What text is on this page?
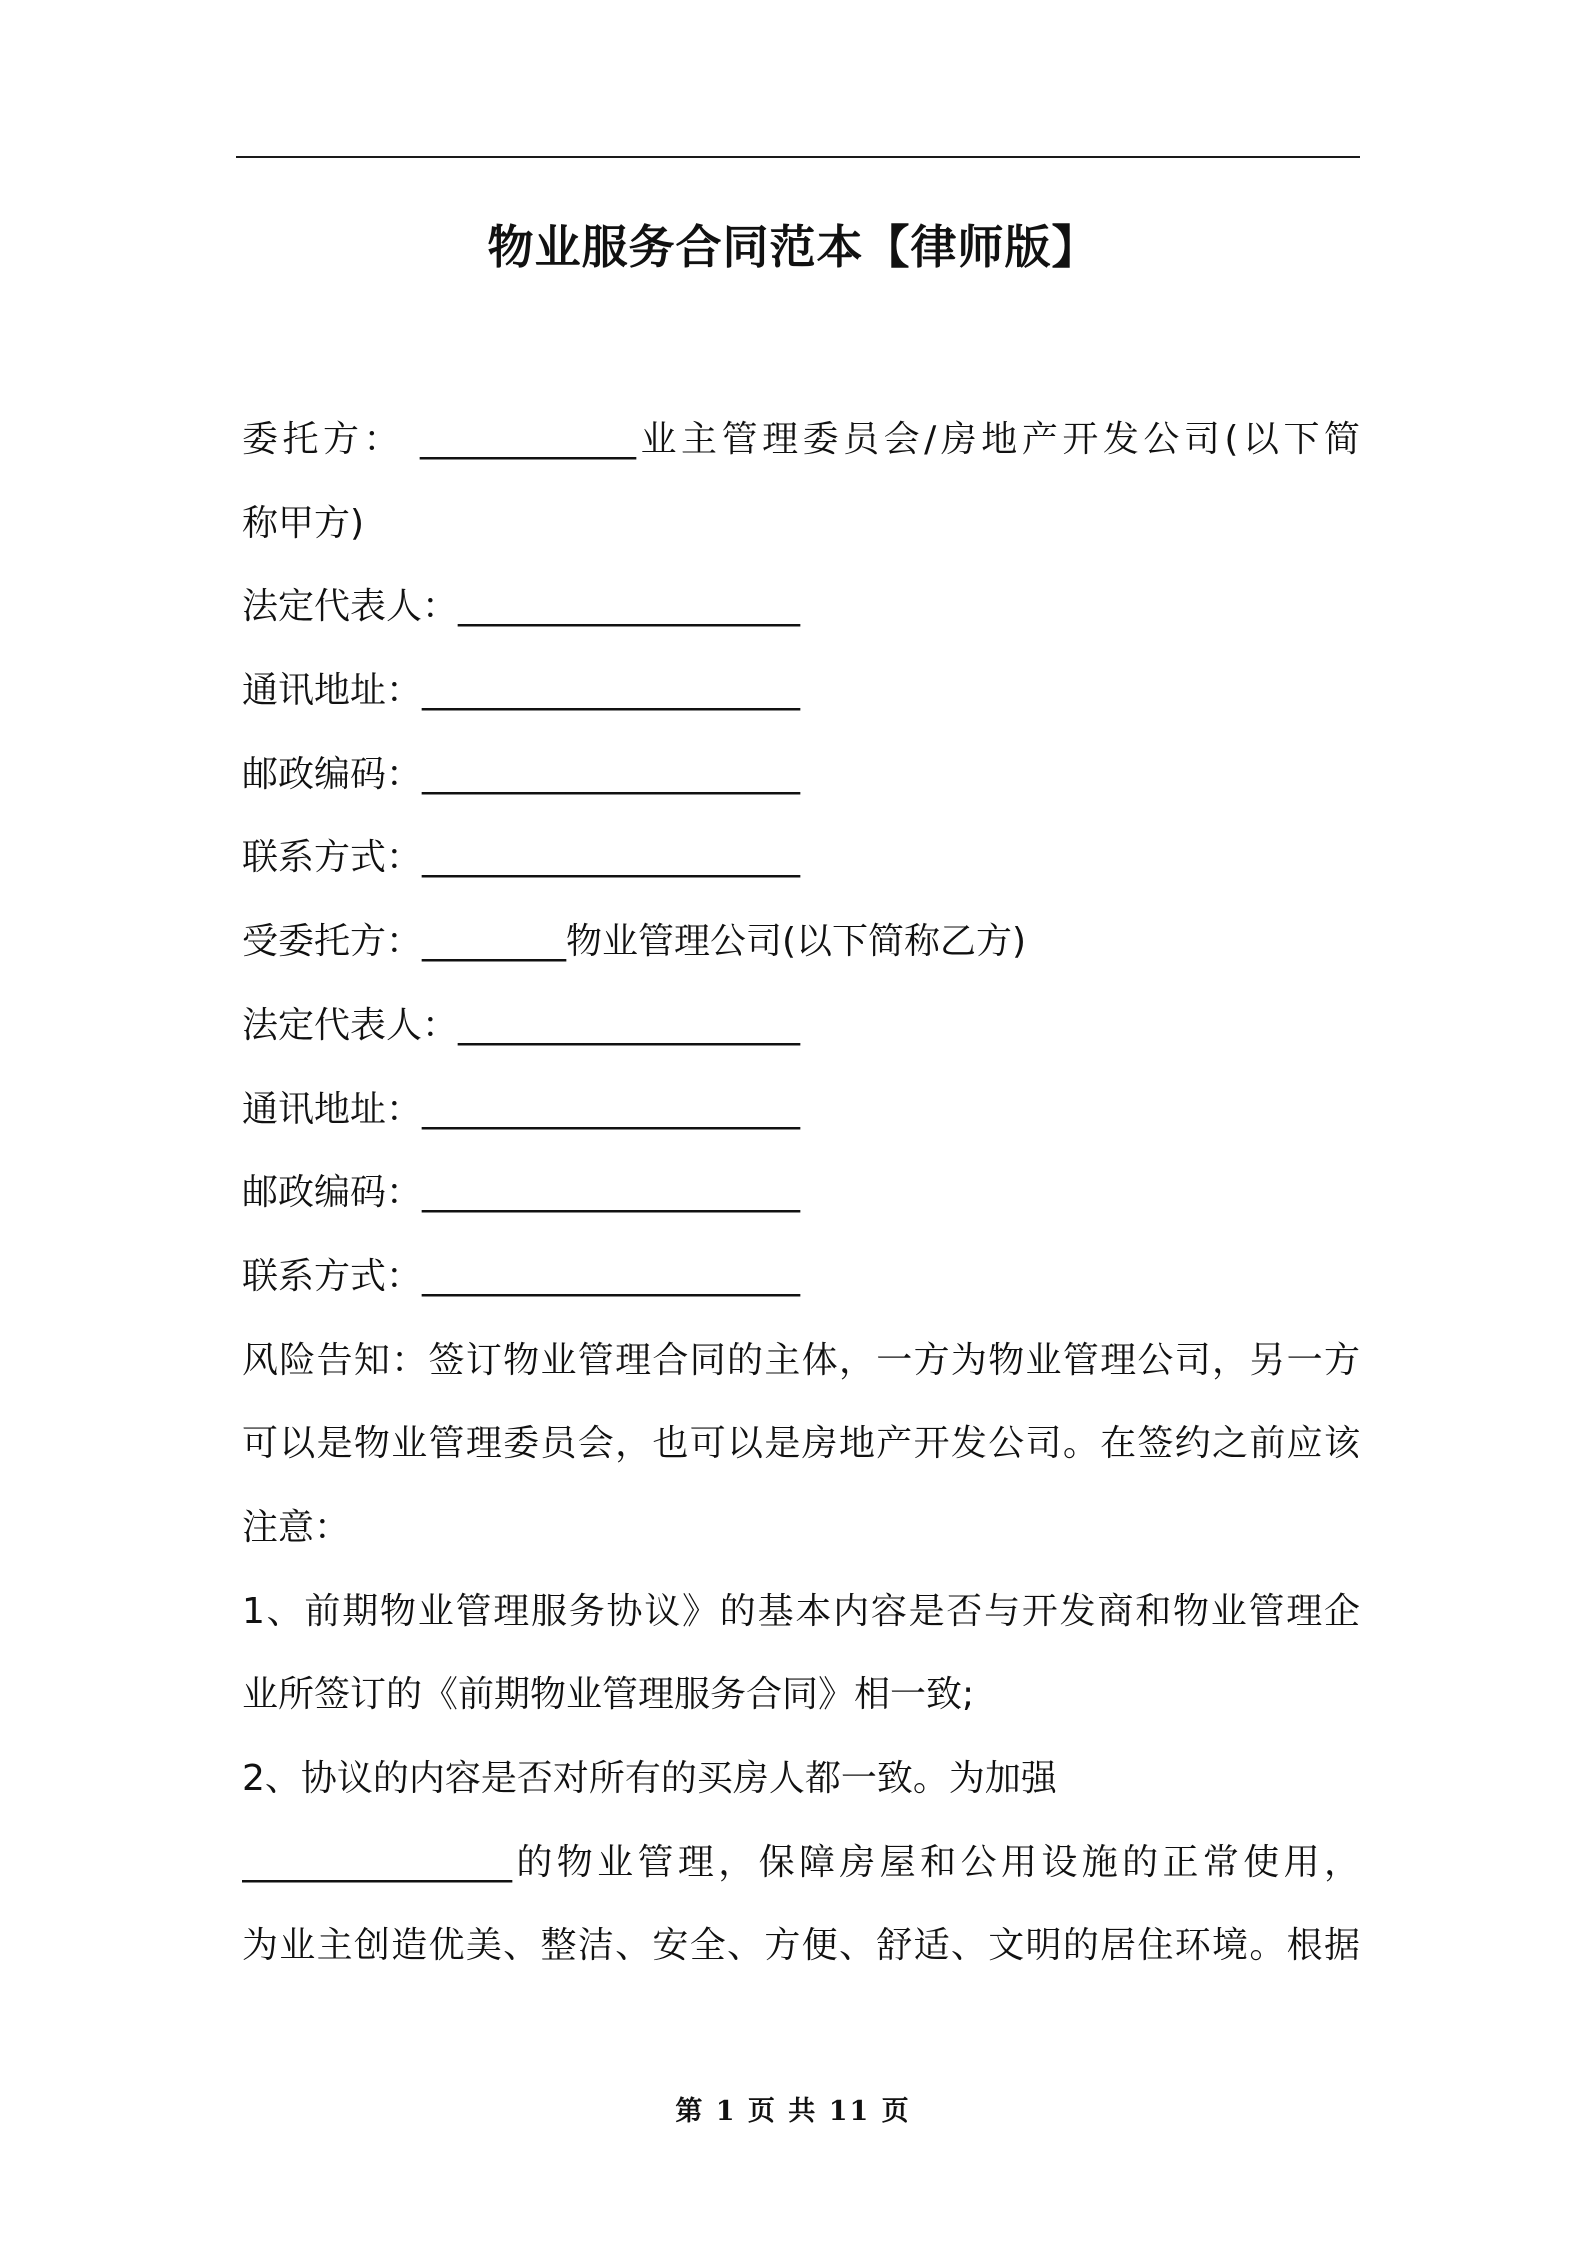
物业服务合同范本【律师版】
委托方： ____________业主管理委员会/房地产开发公司(以下简
称甲方)
法定代表人：___________________
通讯地址：_____________________
邮政编码：_____________________
联系方式：_____________________
受委托方：________物业管理公司(以下简称乙方)
法定代表人：___________________
通讯地址：_____________________
邮政编码：_____________________
联系方式：_____________________
风险告知：签订物业管理合同的主体，一方为物业管理公司，另一方
可以是物业管理委员会，也可以是房地产开发公司。在签约之前应该
注意：
1、前期物业管理服务协议》的基本内容是否与开发商和物业管理企
业所签订的《前期物业管理服务合同》相一致;
2、协议的内容是否对所有的买房人都一致。为加强
_______________的物业管理，保障房屋和公用设施的正常使用，
为业主创造优美、整洁、安全、方便、舒适、文明的居住环境。根据
第 1 页 共 11 页
